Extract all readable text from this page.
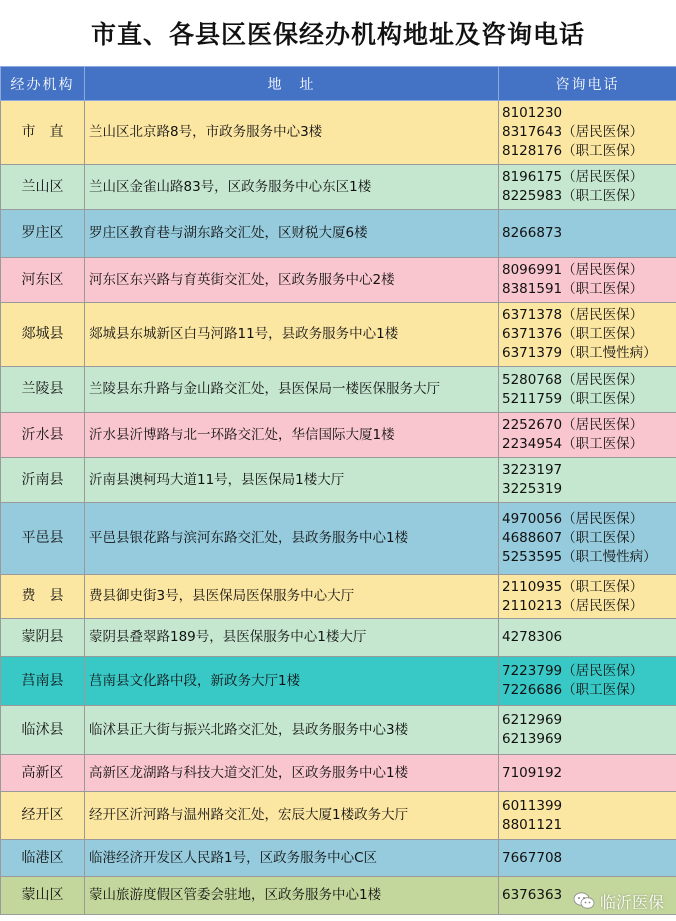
市直、各县区医保经办机构地址及咨询电话
经办机构	地　址	咨询电话
市　直	兰山区北京路8号，市政务服务中心3楼	8101230
8317643（居民医保）
8128176（职工医保）

兰山区	兰山区金雀山路83号，区政务服务中心东区1楼	8196175（居民医保）
8225983（职工医保）

罗庄区	罗庄区教育巷与湖东路交汇处，区财税大厦6楼	8266873

河东区	河东区东兴路与育英街交汇处，区政务服务中心2楼	8096991（居民医保）
8381591（职工医保）

郯城县	郯城县东城新区白马河路11号，县政务服务中心1楼	6371378（居民医保）
6371376（职工医保）
6371379（职工慢性病）

兰陵县	兰陵县东升路与金山路交汇处，县医保局一楼医保服务大厅	5280768（居民医保）
5211759（职工医保）

沂水县	沂水县沂博路与北一环路交汇处，华信国际大厦1楼	2252670（居民医保）
2234954（职工医保）

沂南县	沂南县澳柯玛大道11号，县医保局1楼大厅	3223197
3225319

平邑县	平邑县银花路与滨河东路交汇处，县政务服务中心1楼	4970056（居民医保）
4688607（职工医保）
5253595（职工慢性病）

费　县	费县御史街3号，县医保局医保服务中心大厅	2110935（职工医保）
2110213（居民医保）

蒙阴县	蒙阴县叠翠路189号，县医保服务中心1楼大厅	4278306

莒南县	莒南县文化路中段，新政务大厅1楼	7223799（居民医保）
7226686（职工医保）

临沭县	临沭县正大街与振兴北路交汇处，县政务服务中心3楼	6212969
6213969

高新区	高新区龙湖路与科技大道交汇处，区政务服务中心1楼	7109192

经开区	经开区沂河路与温州路交汇处，宏辰大厦1楼政务大厅	6011399
8801121

临港区	临港经济开发区人民路1号，区政务服务中心C区	7667708

蒙山区	蒙山旅游度假区管委会驻地，区政务服务中心1楼	6376363	临沂医保
